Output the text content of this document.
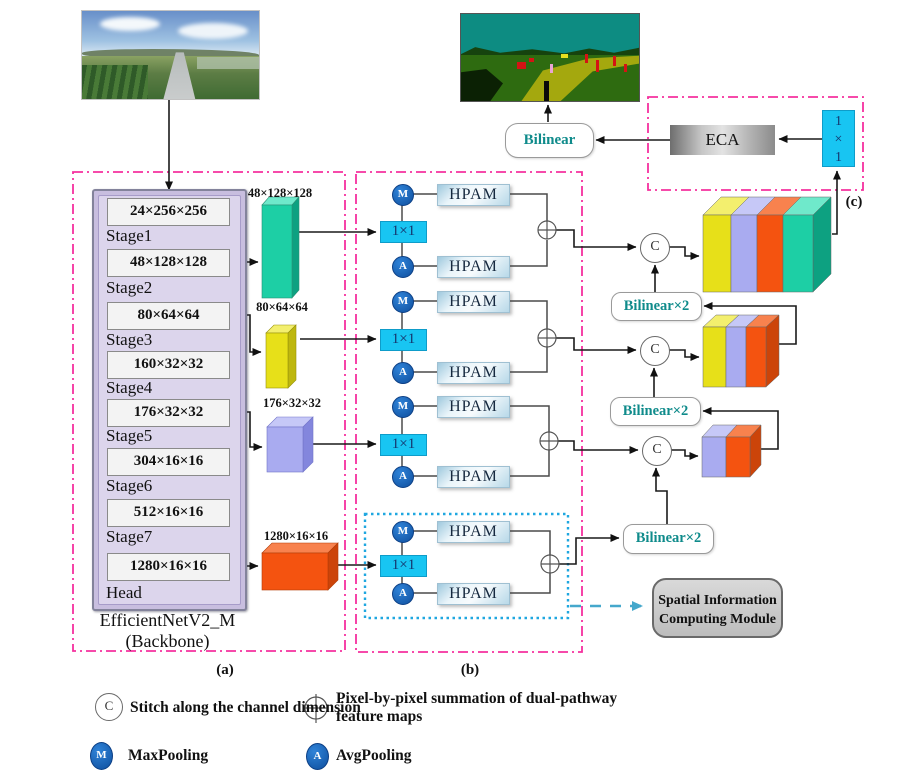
24×256×256
Stage1
48×128×128
Stage2
80×64×64
Stage3
160×32×32
Stage4
176×32×32
Stage5
304×16×16
Stage6
512×16×16
Stage7
1280×16×16
Head
EfficientNetV2_M
(Backbone)
48×128×128
80×64×64
176×32×32
1280×16×16
M
1×1
A
HPAM
HPAM
M
1×1
A
HPAM
HPAM
M
1×1
A
HPAM
HPAM
M
1×1
A
HPAM
HPAM
C
C
C
Bilinear×2
Bilinear×2
Bilinear×2
Bilinear	ECA
1
×
1
Spatial Information
Computing Module
(a)	(b)
(c)
C	Stitch along the channel dimension
Pixel-by-pixel summation of dual-pathway
feature maps
M	MaxPooling	A AvgPooling
